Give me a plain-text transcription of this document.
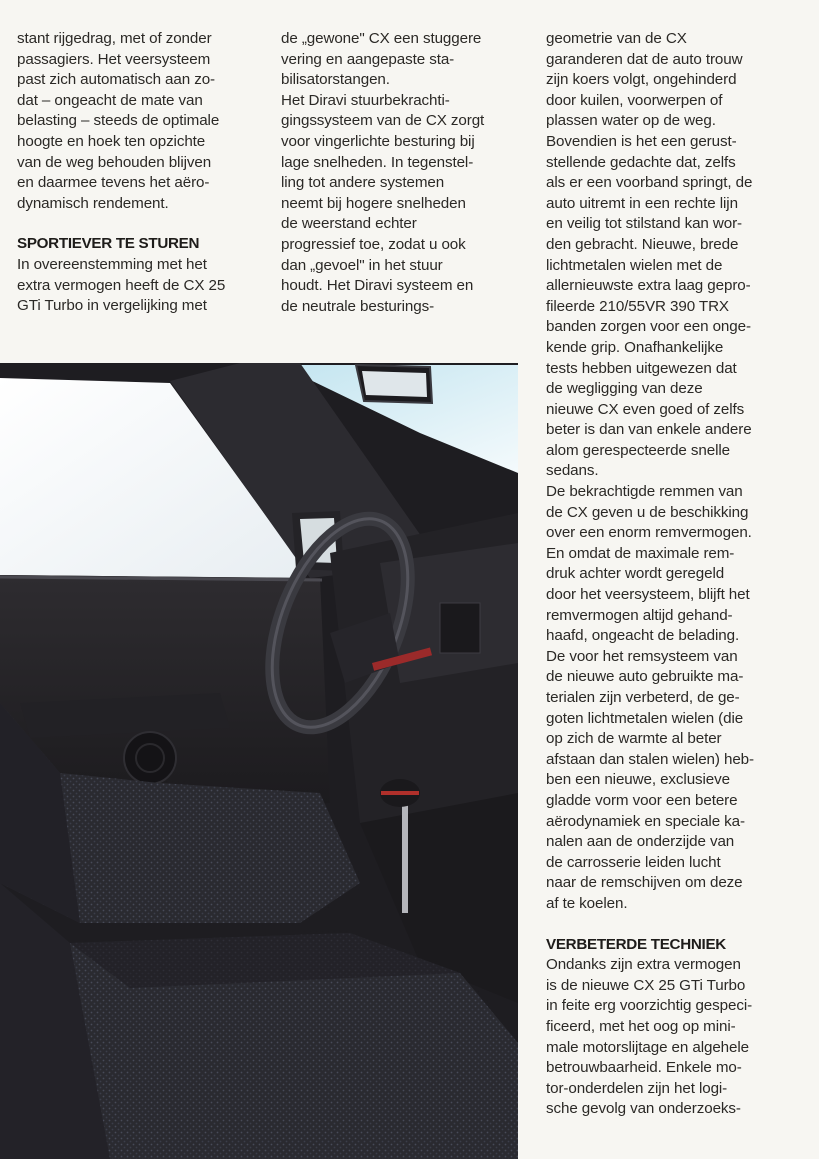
stant rijgedrag, met of zonder

passagiers. Het veersysteem

past zich automatisch aan zo-

dat – ongeacht de mate van

belasting – steeds de optimale

hoogte en hoek ten opzichte

van de weg behouden blijven

en daarmee tevens het aëro-

dynamisch rendement.

SPORTIEVER TE STUREN

In overeenstemming met het

extra vermogen heeft de CX 25

GTi Turbo in vergelijking met

de „gewone" CX een stuggere

vering en aangepaste sta-

bilisatorstangen.

Het Diravi stuurbekrachti-

gingssysteem van de CX zorgt

voor vingerlichte besturing bij

lage snelheden. In tegenstel-

ling tot andere systemen

neemt bij hogere snelheden

de weerstand echter

progressief toe, zodat u ook

dan „gevoel" in het stuur

houdt. Het Diravi systeem en

de neutrale besturings-

geometrie van de CX

garanderen dat de auto trouw

zijn koers volgt, ongehinderd

door kuilen, voorwerpen of

plassen water op de weg.

Bovendien is het een gerust-

stellende gedachte dat, zelfs

als er een voorband springt, de

auto uitremt in een rechte lijn

en veilig tot stilstand kan wor-

den gebracht. Nieuwe, brede

lichtmetalen wielen met de

allernieuwste extra laag gepro-

fileerde 210/55VR 390 TRX

banden zorgen voor een onge-

kende grip. Onafhankelijke

tests hebben uitgewezen dat

de wegligging van deze

nieuwe CX even goed of zelfs

beter is dan van enkele andere

alom gerespecteerde snelle

sedans.

De bekrachtigde remmen van

de CX geven u de beschikking

over een enorm remvermogen.

En omdat de maximale rem-

druk achter wordt geregeld

door het veersysteem, blijft het

remvermogen altijd gehand-

haafd, ongeacht de belading.

De voor het remsysteem van

de nieuwe auto gebruikte ma-

terialen zijn verbeterd, de ge-

goten lichtmetalen wielen (die

op zich de warmte al beter

afstaan dan stalen wielen) heb-

ben een nieuwe, exclusieve

gladde vorm voor een betere

aërodynamiek en speciale ka-

nalen aan de onderzijde van

de carrosserie leiden lucht

naar de remschijven om deze

af te koelen.

VERBETERDE TECHNIEK

Ondanks zijn extra vermogen

is de nieuwe CX 25 GTi Turbo

in feite erg voorzichtig gespeci-

ficeerd, met het oog op mini-

male motorslijtage en algehele

betrouwbaarheid. Enkele mo-

tor-onderdelen zijn het logi-

sche gevolg van onderzoeks-
